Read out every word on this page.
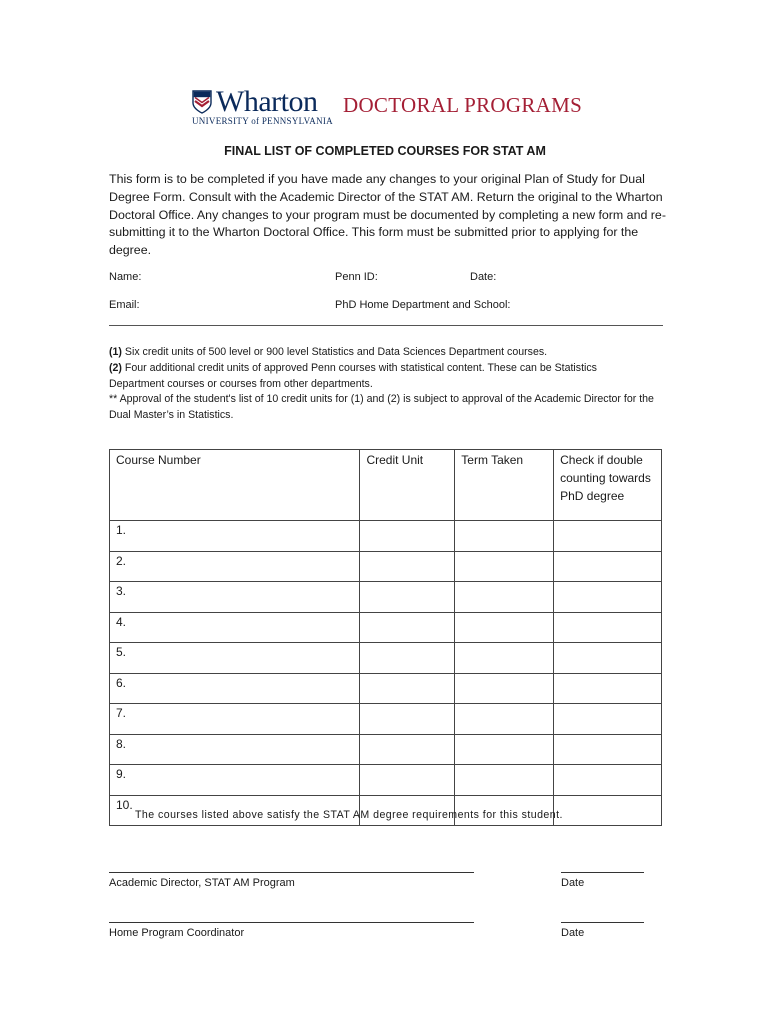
Wharton
UNIVERSITY of PENNSYLVANIA
DOCTORAL PROGRAMS
FINAL LIST OF COMPLETED COURSES FOR STAT AM
This form is to be completed if you have made any changes to your original Plan of Study for Dual Degree Form. Consult with the Academic Director of the STAT AM. Return the original to the Wharton Doctoral Office. Any changes to your program must be documented by completing a new form and re-submitting it to the Wharton Doctoral Office. This form must be submitted prior to applying for the degree.
Name:	Penn ID:	Date:
Email:	PhD Home Department and School:
(1) Six credit units of 500 level or 900 level Statistics and Data Sciences Department courses.
(2) Four additional credit units of approved Penn courses with statistical content. These can be Statistics Department courses or courses from other departments.
** Approval of the student's list of 10 credit units for (1) and (2) is subject to approval of the Academic Director for the Dual Master’s in Statistics.
Course Number	Credit Unit	Term Taken	Check if double counting towards PhD degree
1.			
2.			
3.			
4.			
5.			
6.			
7.			
8.			
9.			
10.			
The courses listed above satisfy the STAT AM degree requirements for this student.
Academic Director, STAT AM Program	Date
Home Program Coordinator	Date
